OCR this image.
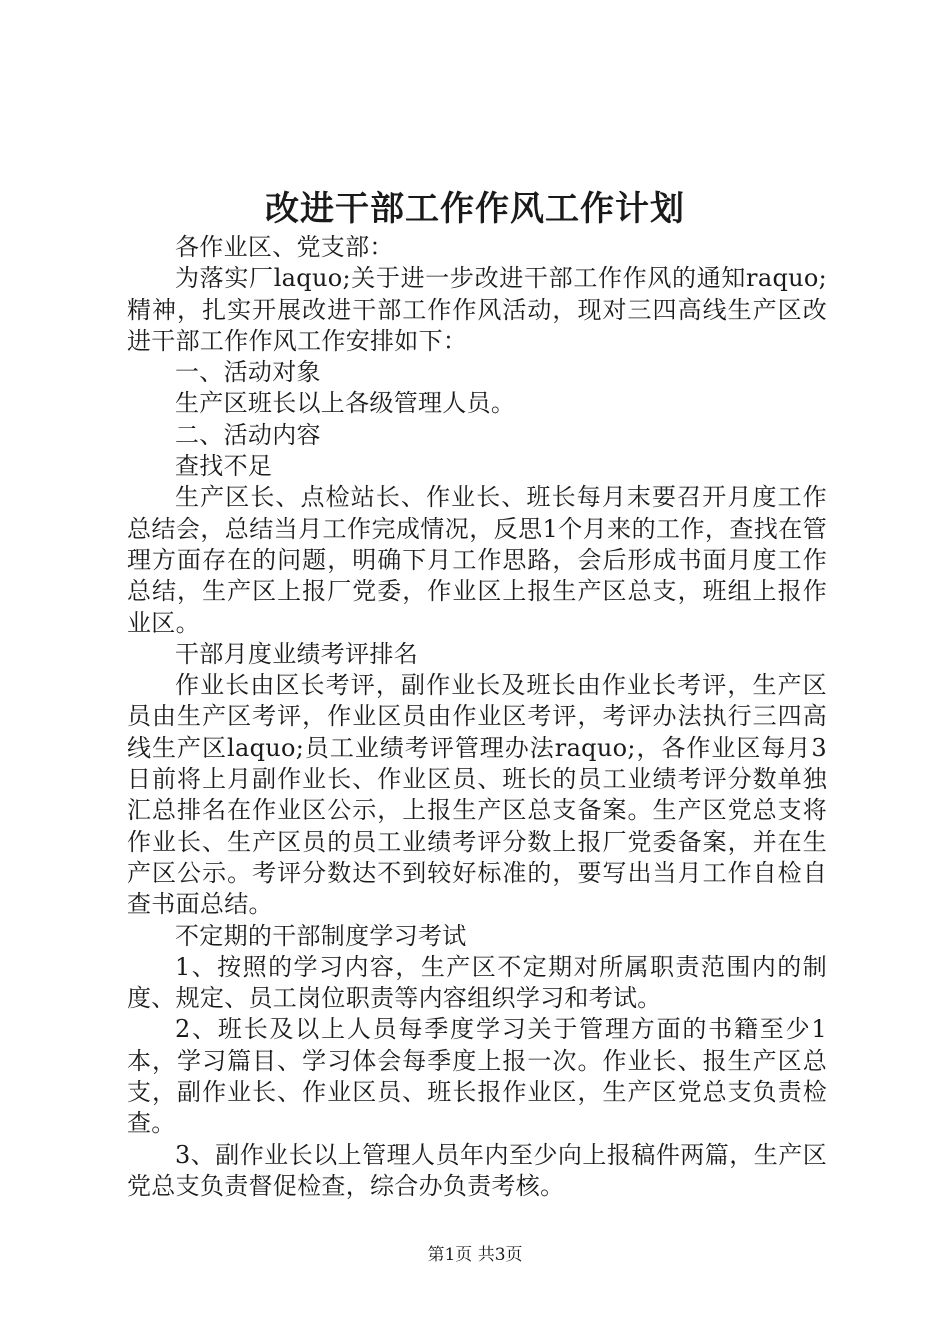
改进干部工作作风工作计划

各作业区、党支部：

为落实厂laquo;关于进一步改进干部工作作风的通知raquo;精神，扎实开展改进干部工作作风活动，现对三四高线生产区改进干部工作作风工作安排如下：

一、活动对象

生产区班长以上各级管理人员。

二、活动内容

查找不足

生产区长、点检站长、作业长、班长每月末要召开月度工作总结会，总结当月工作完成情况，反思1个月来的工作，查找在管理方面存在的问题，明确下月工作思路，会后形成书面月度工作总结，生产区上报厂党委，作业区上报生产区总支，班组上报作业区。

干部月度业绩考评排名

作业长由区长考评，副作业长及班长由作业长考评，生产区员由生产区考评，作业区员由作业区考评，考评办法执行三四高线生产区laquo;员工业绩考评管理办法raquo;，各作业区每月3日前将上月副作业长、作业区员、班长的员工业绩考评分数单独汇总排名在作业区公示，上报生产区总支备案。生产区党总支将作业长、生产区员的员工业绩考评分数上报厂党委备案，并在生产区公示。考评分数达不到较好标准的，要写出当月工作自检自查书面总结。

不定期的干部制度学习考试

1、按照的学习内容，生产区不定期对所属职责范围内的制度、规定、员工岗位职责等内容组织学习和考试。

2、班长及以上人员每季度学习关于管理方面的书籍至少1本，学习篇目、学习体会每季度上报一次。作业长、报生产区总支，副作业长、作业区员、班长报作业区，生产区党总支负责检查。

3、副作业长以上管理人员年内至少向上报稿件两篇，生产区党总支负责督促检查，综合办负责考核。

第1页 共3页
